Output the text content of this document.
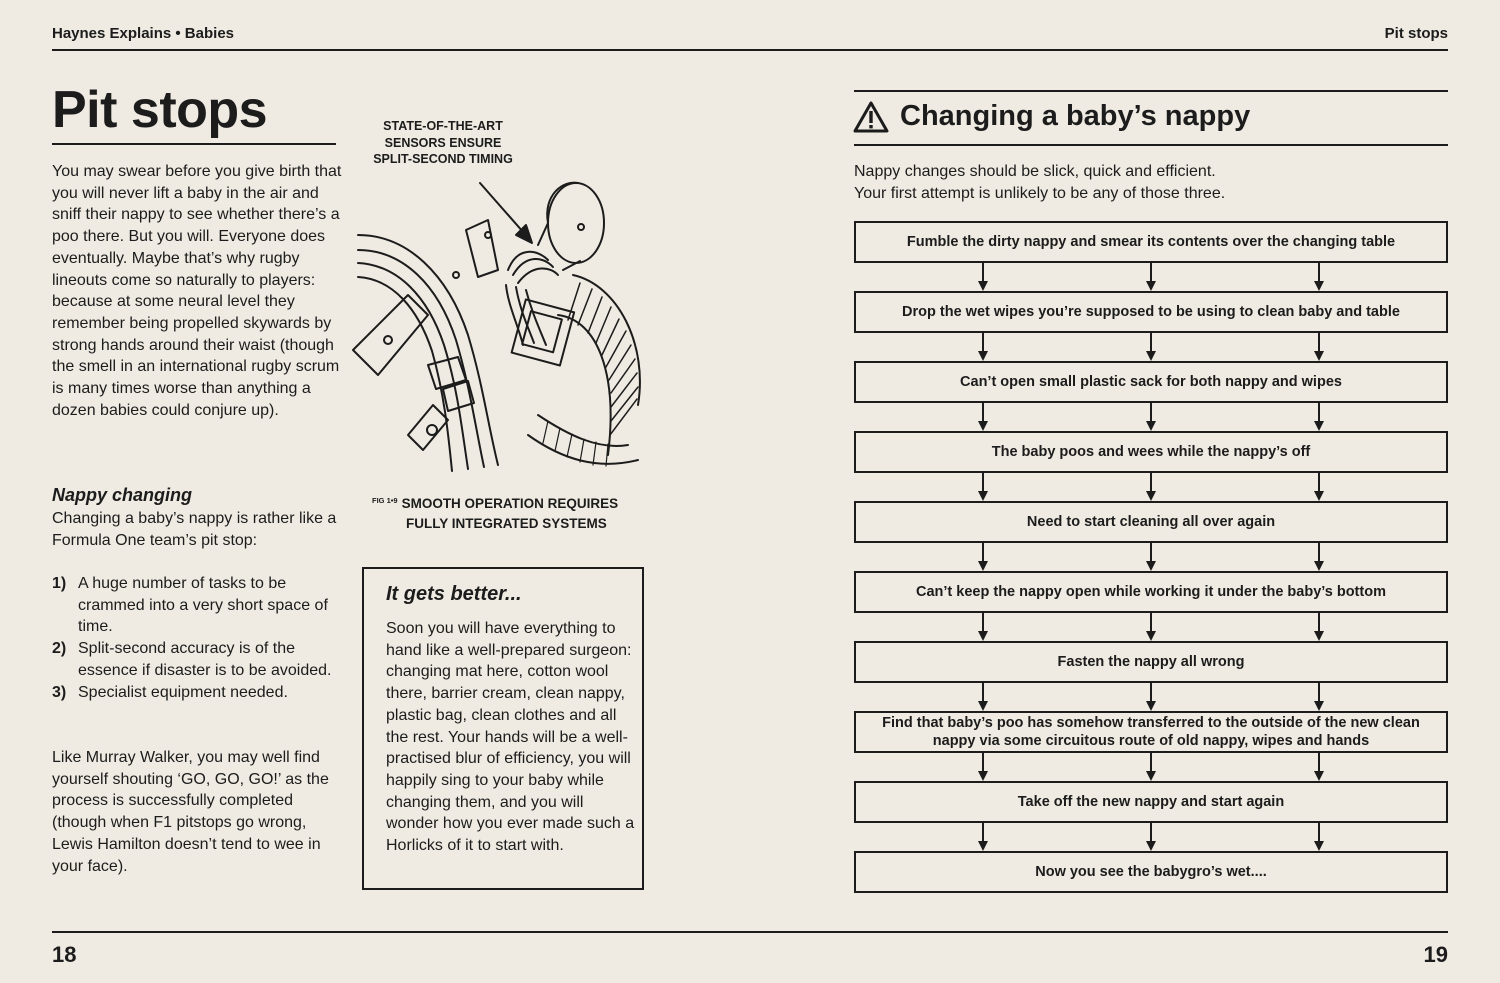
Haynes Explains • Babies	Pit stops
Pit stops
You may swear before you give birth that you will never lift a baby in the air and sniff their nappy to see whether there’s a poo there. But you will. Everyone does eventually. Maybe that’s why rugby lineouts come so naturally to players: because at some neural level they remember being propelled skywards by strong hands around their waist (though the smell in an international rugby scrum is many times worse than anything a dozen babies could conjure up).
Nappy changing
Changing a baby’s nappy is rather like a Formula One team’s pit stop:
1) A huge number of tasks to be crammed into a very short space of time.
2) Split-second accuracy is of the essence if disaster is to be avoided.
3) Specialist equipment needed.
Like Murray Walker, you may well find yourself shouting ‘GO, GO, GO!’ as the process is successfully completed (though when F1 pitstops go wrong, Lewis Hamilton doesn’t tend to wee in your face).
STATE-OF-THE-ART SENSORS ENSURE SPLIT-SECOND TIMING
$^{FIG 1•9}$ SMOOTH OPERATION REQUIRES
FULLY INTEGRATED SYSTEMS
It gets better...
Soon you will have everything to hand like a well-prepared surgeon: changing mat here, cotton wool there, barrier cream, clean nappy, plastic bag, clean clothes and all the rest. Your hands will be a well-practised blur of efficiency, you will happily sing to your baby while changing them, and you will wonder how you ever made such a Horlicks of it to start with.
Changing a baby’s nappy
Nappy changes should be slick, quick and efficient.
Your first attempt is unlikely to be any of those three.
Fumble the dirty nappy and smear its contents over the changing table
Drop the wet wipes you’re supposed to be using to clean baby and table
Can’t open small plastic sack for both nappy and wipes
The baby poos and wees while the nappy’s off
Need to start cleaning all over again
Can’t keep the nappy open while working it under the baby’s bottom
Fasten the nappy all wrong
Find that baby’s poo has somehow transferred to the outside of the new clean nappy via some circuitous route of old nappy, wipes and hands
Take off the new nappy and start again
Now you see the babygro’s wet....
18	19
